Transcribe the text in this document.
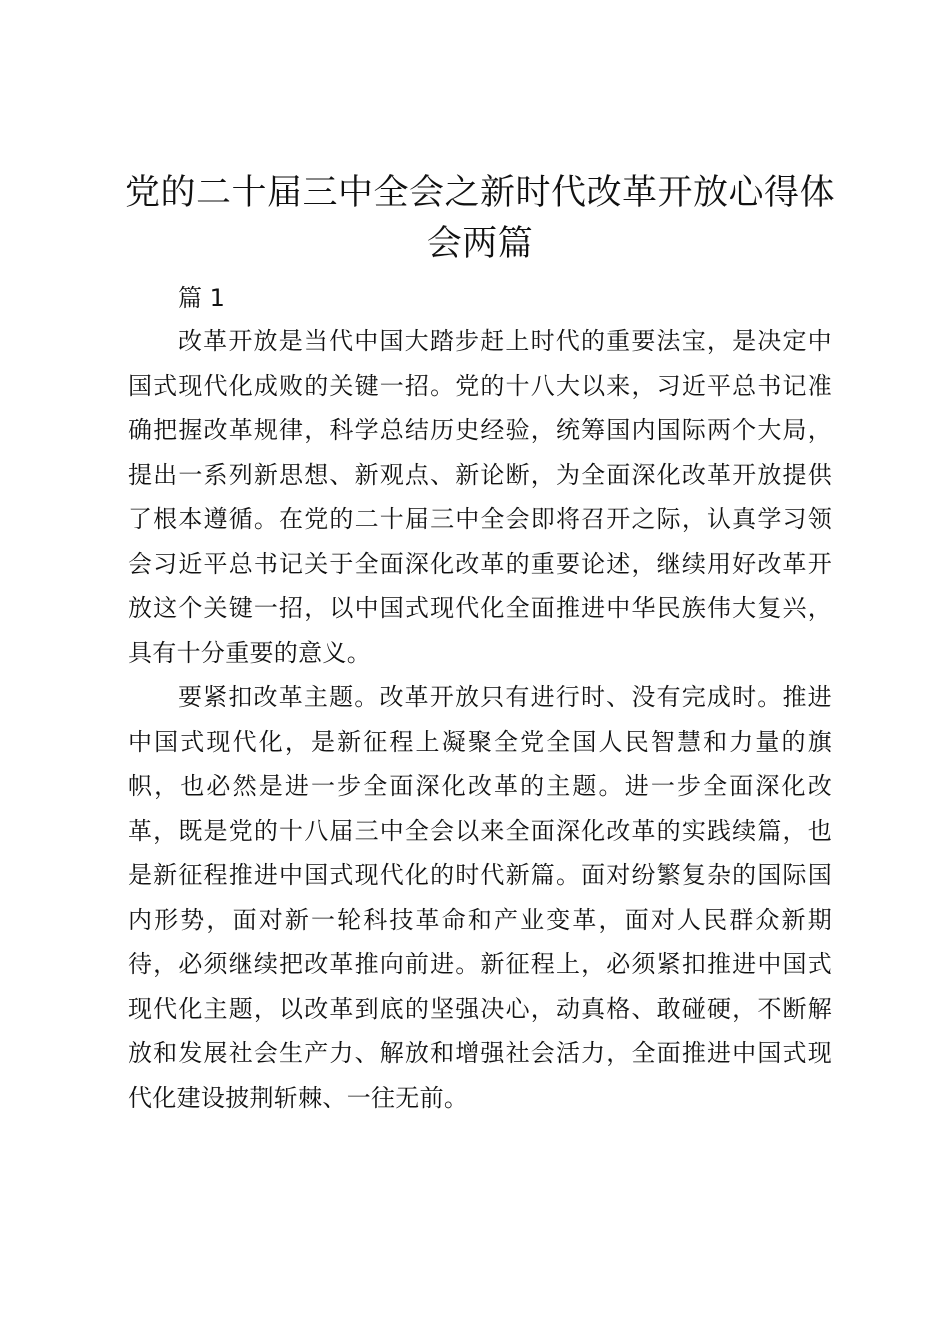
党的二十届三中全会之新时代改革开放心得体会两篇

篇 1

改革开放是当代中国大踏步赶上时代的重要法宝，是决定中国式现代化成败的关键一招。党的十八大以来，习近平总书记准确把握改革规律，科学总结历史经验，统筹国内国际两个大局，提出一系列新思想、新观点、新论断，为全面深化改革开放提供了根本遵循。在党的二十届三中全会即将召开之际，认真学习领会习近平总书记关于全面深化改革的重要论述，继续用好改革开放这个关键一招，以中国式现代化全面推进中华民族伟大复兴，具有十分重要的意义。

要紧扣改革主题。改革开放只有进行时、没有完成时。推进中国式现代化，是新征程上凝聚全党全国人民智慧和力量的旗帜，也必然是进一步全面深化改革的主题。进一步全面深化改革，既是党的十八届三中全会以来全面深化改革的实践续篇，也是新征程推进中国式现代化的时代新篇。面对纷繁复杂的国际国内形势，面对新一轮科技革命和产业变革，面对人民群众新期待，必须继续把改革推向前进。新征程上，必须紧扣推进中国式现代化主题，以改革到底的坚强决心，动真格、敢碰硬，不断解放和发展社会生产力、解放和增强社会活力，全面推进中国式现代化建设披荆斩棘、一往无前。
